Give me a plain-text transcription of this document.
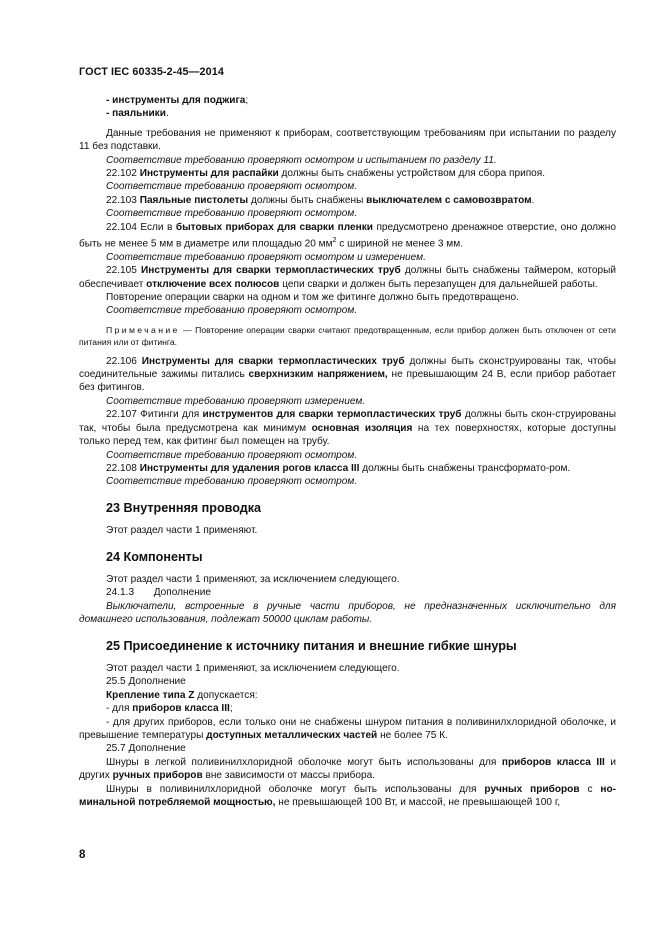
ГОСТ IEC 60335-2-45—2014

- инструменты для поджига;

- паяльники.

Данные требования не применяют к приборам, соответствующим требованиям при испытании по разделу 11 без подставки.

Соответствие требованию проверяют осмотром и испытанием по разделу 11.

22.102 Инструменты для распайки должны быть снабжены устройством для сбора припоя.

Соответствие требованию проверяют осмотром.

22.103 Паяльные пистолеты должны быть снабжены выключателем с самовозвратом.

Соответствие требованию проверяют осмотром.

22.104 Если в бытовых приборах для сварки пленки предусмотрено дренажное отверстие, оно должно быть не менее 5 мм в диаметре или площадью 20 $мм^2$ с шириной не менее 3 мм.

Соответствие требованию проверяют осмотром и измерением.

22.105 Инструменты для сварки термопластических труб должны быть снабжены таймером, который обеспечивает отключение всех полюсов цепи сварки и должен быть перезапущен для дальнейшей работы.

Повторение операции сварки на одном и том же фитинге должно быть предотвращено.

Соответствие требованию проверяют осмотром.

Примечание — Повторение операции сварки считают предотвращенным, если прибор должен быть отключен от сети питания или от фитинга.

22.106 Инструменты для сварки термопластических труб должны быть сконструированы так, чтобы соединительные зажимы питались сверхнизким напряжением, не превышающим 24 В, если прибор работает без фитингов.

Соответствие требованию проверяют измерением.

22.107 Фитинги для инструментов для сварки термопластических труб должны быть скон-струированы так, чтобы была предусмотрена как минимум основная изоляция на тех поверхностях, которые доступны только перед тем, как фитинг был помещен на трубу.

Соответствие требованию проверяют осмотром.

22.108 Инструменты для удаления рогов класса III должны быть снабжены трансформато-ром.

Соответствие требованию проверяют осмотром.

23 Внутренняя проводка

Этот раздел части 1 применяют.

24 Компоненты

Этот раздел части 1 применяют, за исключением следующего.

24.1.3       Дополнение

Выключатели, встроенные в ручные части приборов, не предназначенных исключительно для домашнего использования, подлежат 50000 циклам работы.

25 Присоединение к источнику питания и внешние гибкие шнуры

Этот раздел части 1 применяют, за исключением следующего.

25.5 Дополнение

Крепление типа Z допускается:

- для приборов класса III;

- для других приборов, если только они не снабжены шнуром питания в поливинилхлоридной оболочке, и превышение температуры доступных металлических частей не более 75 К.

25.7 Дополнение

Шнуры в легкой поливинилхлоридной оболочке могут быть использованы для приборов класса III и других ручных приборов вне зависимости от массы прибора.

Шнуры в поливинилхлоридной оболочке могут быть использованы для ручных приборов с но-минальной потребляемой мощностью, не превышающей 100 Вт, и массой, не превышающей 100 г,

8
